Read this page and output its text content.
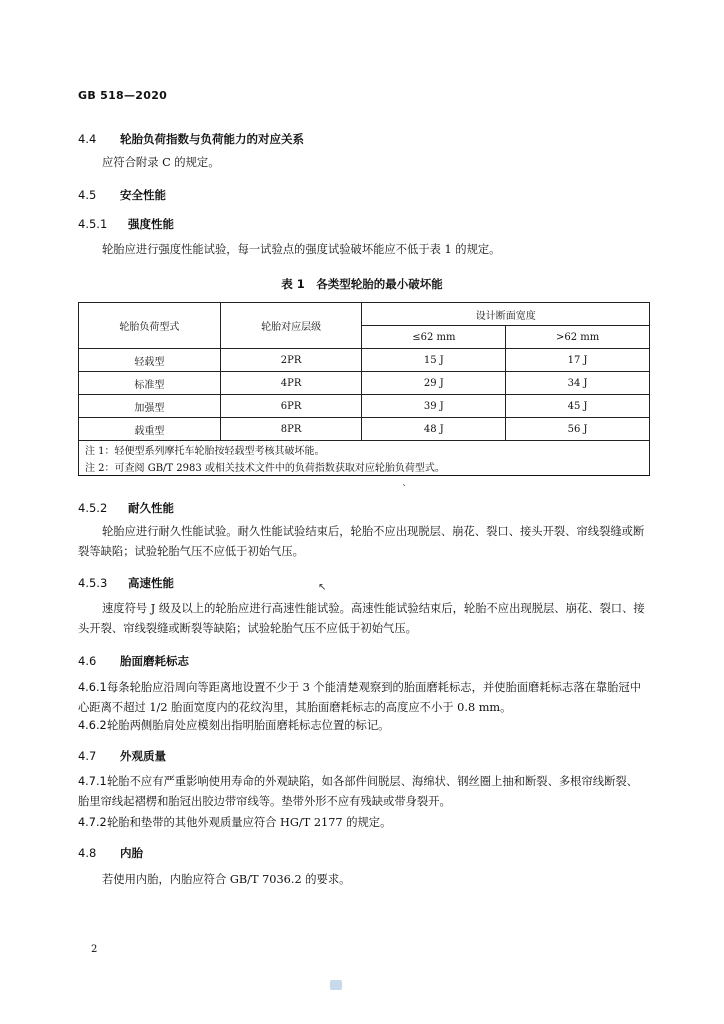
GB 518—2020
4.4 轮胎负荷指数与负荷能力的对应关系
应符合附录 C 的规定。
4.5 安全性能
4.5.1 强度性能
轮胎应进行强度性能试验，每一试验点的强度试验破坏能应不低于表 1 的规定。
表 1　各类型轮胎的最小破坏能
轮胎负荷型式	轮胎对应层级	设计断面宽度	
		≤62 mm	>62 mm
轻载型	2PR	15 J	17 J
标准型	4PR	29 J	34 J
加强型	6PR	39 J	45 J
载重型	8PR	48 J	56 J
注 1：轻便型系列摩托车轮胎按轻载型考核其破坏能。			
注 2：可查阅 GB/T 2983 或相关技术文件中的负荷指数获取对应轮胎负荷型式。			
`
↖
4.5.2 耐久性能
轮胎应进行耐久性能试验。耐久性能试验结束后，轮胎不应出现脱层、崩花、裂口、接头开裂、帘线裂缝或断裂等缺陷；试验轮胎气压不应低于初始气压。
4.5.3 高速性能
速度符号 J 级及以上的轮胎应进行高速性能试验。高速性能试验结束后，轮胎不应出现脱层、崩花、裂口、接头开裂、帘线裂缝或断裂等缺陷；试验轮胎气压不应低于初始气压。
4.6 胎面磨耗标志
4.6.1每条轮胎应沿周向等距离地设置不少于 3 个能清楚观察到的胎面磨耗标志，并使胎面磨耗标志落在靠胎冠中心距离不超过 1/2 胎面宽度内的花纹沟里，其胎面磨耗标志的高度应不小于 0.8 mm。
4.6.2轮胎两侧胎肩处应模刻出指明胎面磨耗标志位置的标记。
4.7 外观质量
4.7.1轮胎不应有严重影响使用寿命的外观缺陷，如各部件间脱层、海绵状、钢丝圈上抽和断裂、多根帘线断裂、胎里帘线起褶楞和胎冠出胶边带帘线等。垫带外形不应有残缺或带身裂开。
4.7.2轮胎和垫带的其他外观质量应符合 HG/T 2177 的规定。
4.8 内胎
若使用内胎，内胎应符合 GB/T 7036.2 的要求。
2
